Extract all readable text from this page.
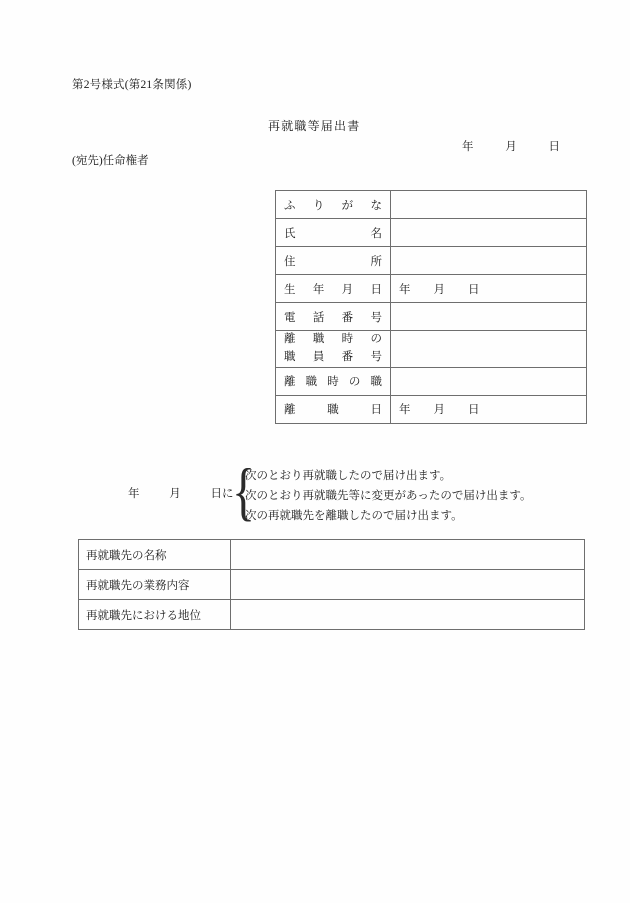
第2号様式(第21条関係)
再就職等届出書
年	月	日
(宛先)任命権者
ふりがな	

氏　　名	

住　　所	

生年月日	年　　月　　日

電話番号	

離職時の
職員番号	

離職時の職	

離職日	年　　月　　日
年	月	日に
{
次のとおり再就職したので届け出ます。
次のとおり再就職先等に変更があったので届け出ます。
次の再就職先を離職したので届け出ます。
再就職先の名称	
再就職先の業務内容	
再就職先における地位	
